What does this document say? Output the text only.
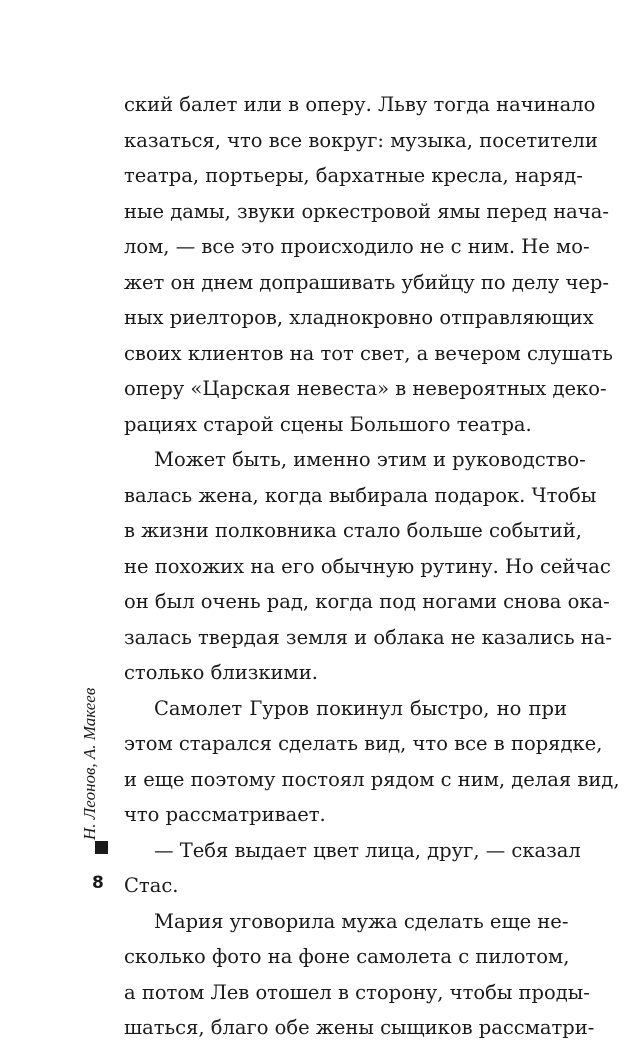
ский балет или в оперу. Льву тогда начинало
казаться, что все вокруг: музыка, посетители
театра, портьеры, бархатные кресла, наряд-
ные дамы, звуки оркестровой ямы перед нача-
лом, — все это происходило не с ним. Не мо-
жет он днем допрашивать убийцу по делу чер-
ных риелторов, хладнокровно отправляющих
своих клиентов на тот свет, а вечером слушать
оперу «Царская невеста» в невероятных деко-
рациях старой сцены Большого театра.
Может быть, именно этим и руководство-
валась жена, когда выбирала подарок. Чтобы
в жизни полковника стало больше событий,
не похожих на его обычную рутину. Но сейчас
он был очень рад, когда под ногами снова ока-
залась твердая земля и облака не казались на-
столько близкими.
Самолет Гуров покинул быстро, но при
этом старался сделать вид, что все в порядке,
и еще поэтому постоял рядом с ним, делая вид,
что рассматривает.
— Тебя выдает цвет лица, друг, — сказал
Стас.
Мария уговорила мужа сделать еще не-
сколько фото на фоне самолета с пилотом,
а потом Лев отошел в сторону, чтобы проды-
шаться, благо обе жены сыщиков рассматри-
Н. Леонов, А. Макеев
8
